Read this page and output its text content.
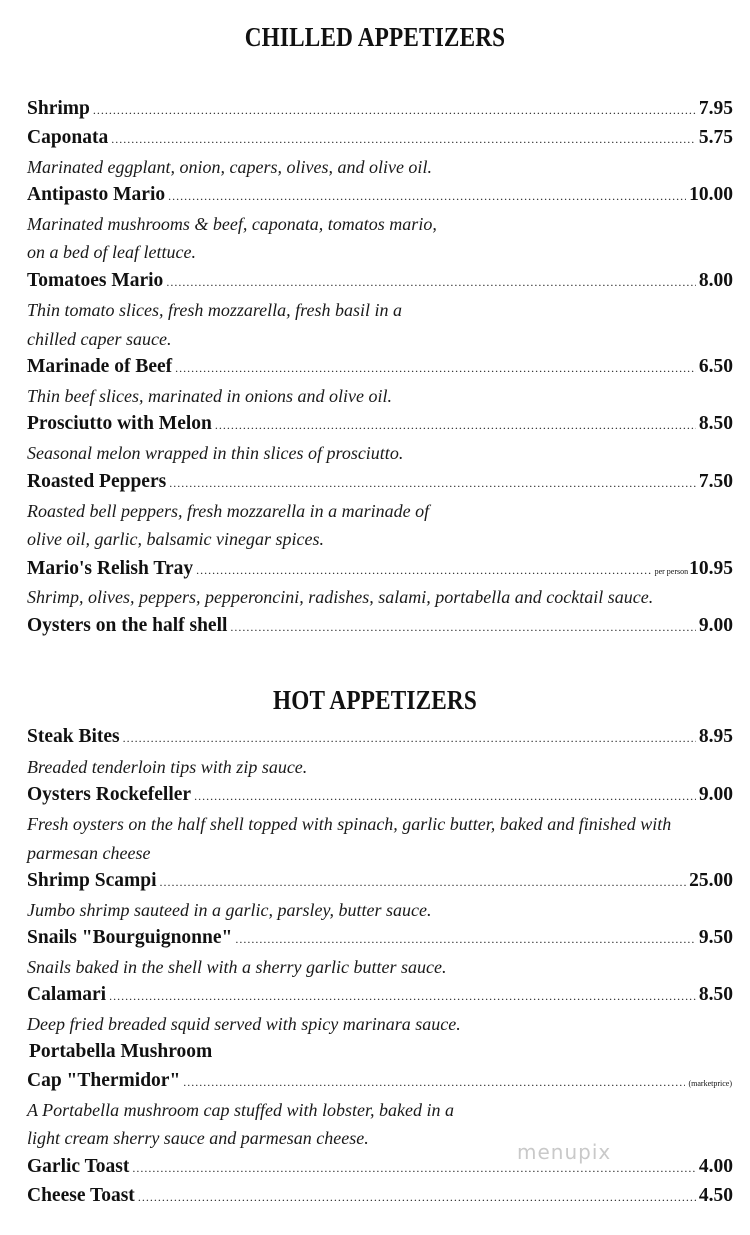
CHILLED APPETIZERS
Shrimp .....	7.95
Caponata .....	5.75
Marinated eggplant, onion, capers, olives, and olive oil.
Antipasto Mario .....	10.00
Marinated mushrooms & beef, caponata, tomatos mario,
on a bed of leaf lettuce.
Tomatoes Mario .....	8.00
Thin tomato slices, fresh mozzarella, fresh basil in a
chilled caper sauce.
Marinade of Beef .....	6.50
Thin beef slices, marinated in onions and olive oil.
Prosciutto with Melon .....	8.50
Seasonal melon wrapped in thin slices of prosciutto.
Roasted Peppers .....	7.50
Roasted bell peppers, fresh mozzarella in a marinade of
olive oil, garlic, balsamic vinegar spices.
Mario's Relish Tray .....	per person 10.95
Shrimp, olives, peppers, pepperoncini, radishes, salami, portabella and cocktail sauce.
Oysters on the half shell .....	9.00
HOT APPETIZERS
Steak Bites .....	8.95
Breaded tenderloin tips with zip sauce.
Oysters Rockefeller .....	9.00
Fresh oysters on the half shell topped with spinach, garlic butter, baked and finished with
parmesan cheese
Shrimp Scampi .....	25.00
Jumbo shrimp sauteed in a garlic, parsley, butter sauce.
Snails "Bourguignonne" .....	9.50
Snails baked in the shell with a sherry garlic butter sauce.
Calamari .....	8.50
Deep fried breaded squid served with spicy marinara sauce.
Portabella Mushroom
Cap "Thermidor" .....	(marketprice)
A Portabella mushroom cap stuffed with lobster, baked in a
light cream sherry sauce and parmesan cheese.
Garlic Toast .....	4.00
Cheese Toast .....	4.50
menupix
